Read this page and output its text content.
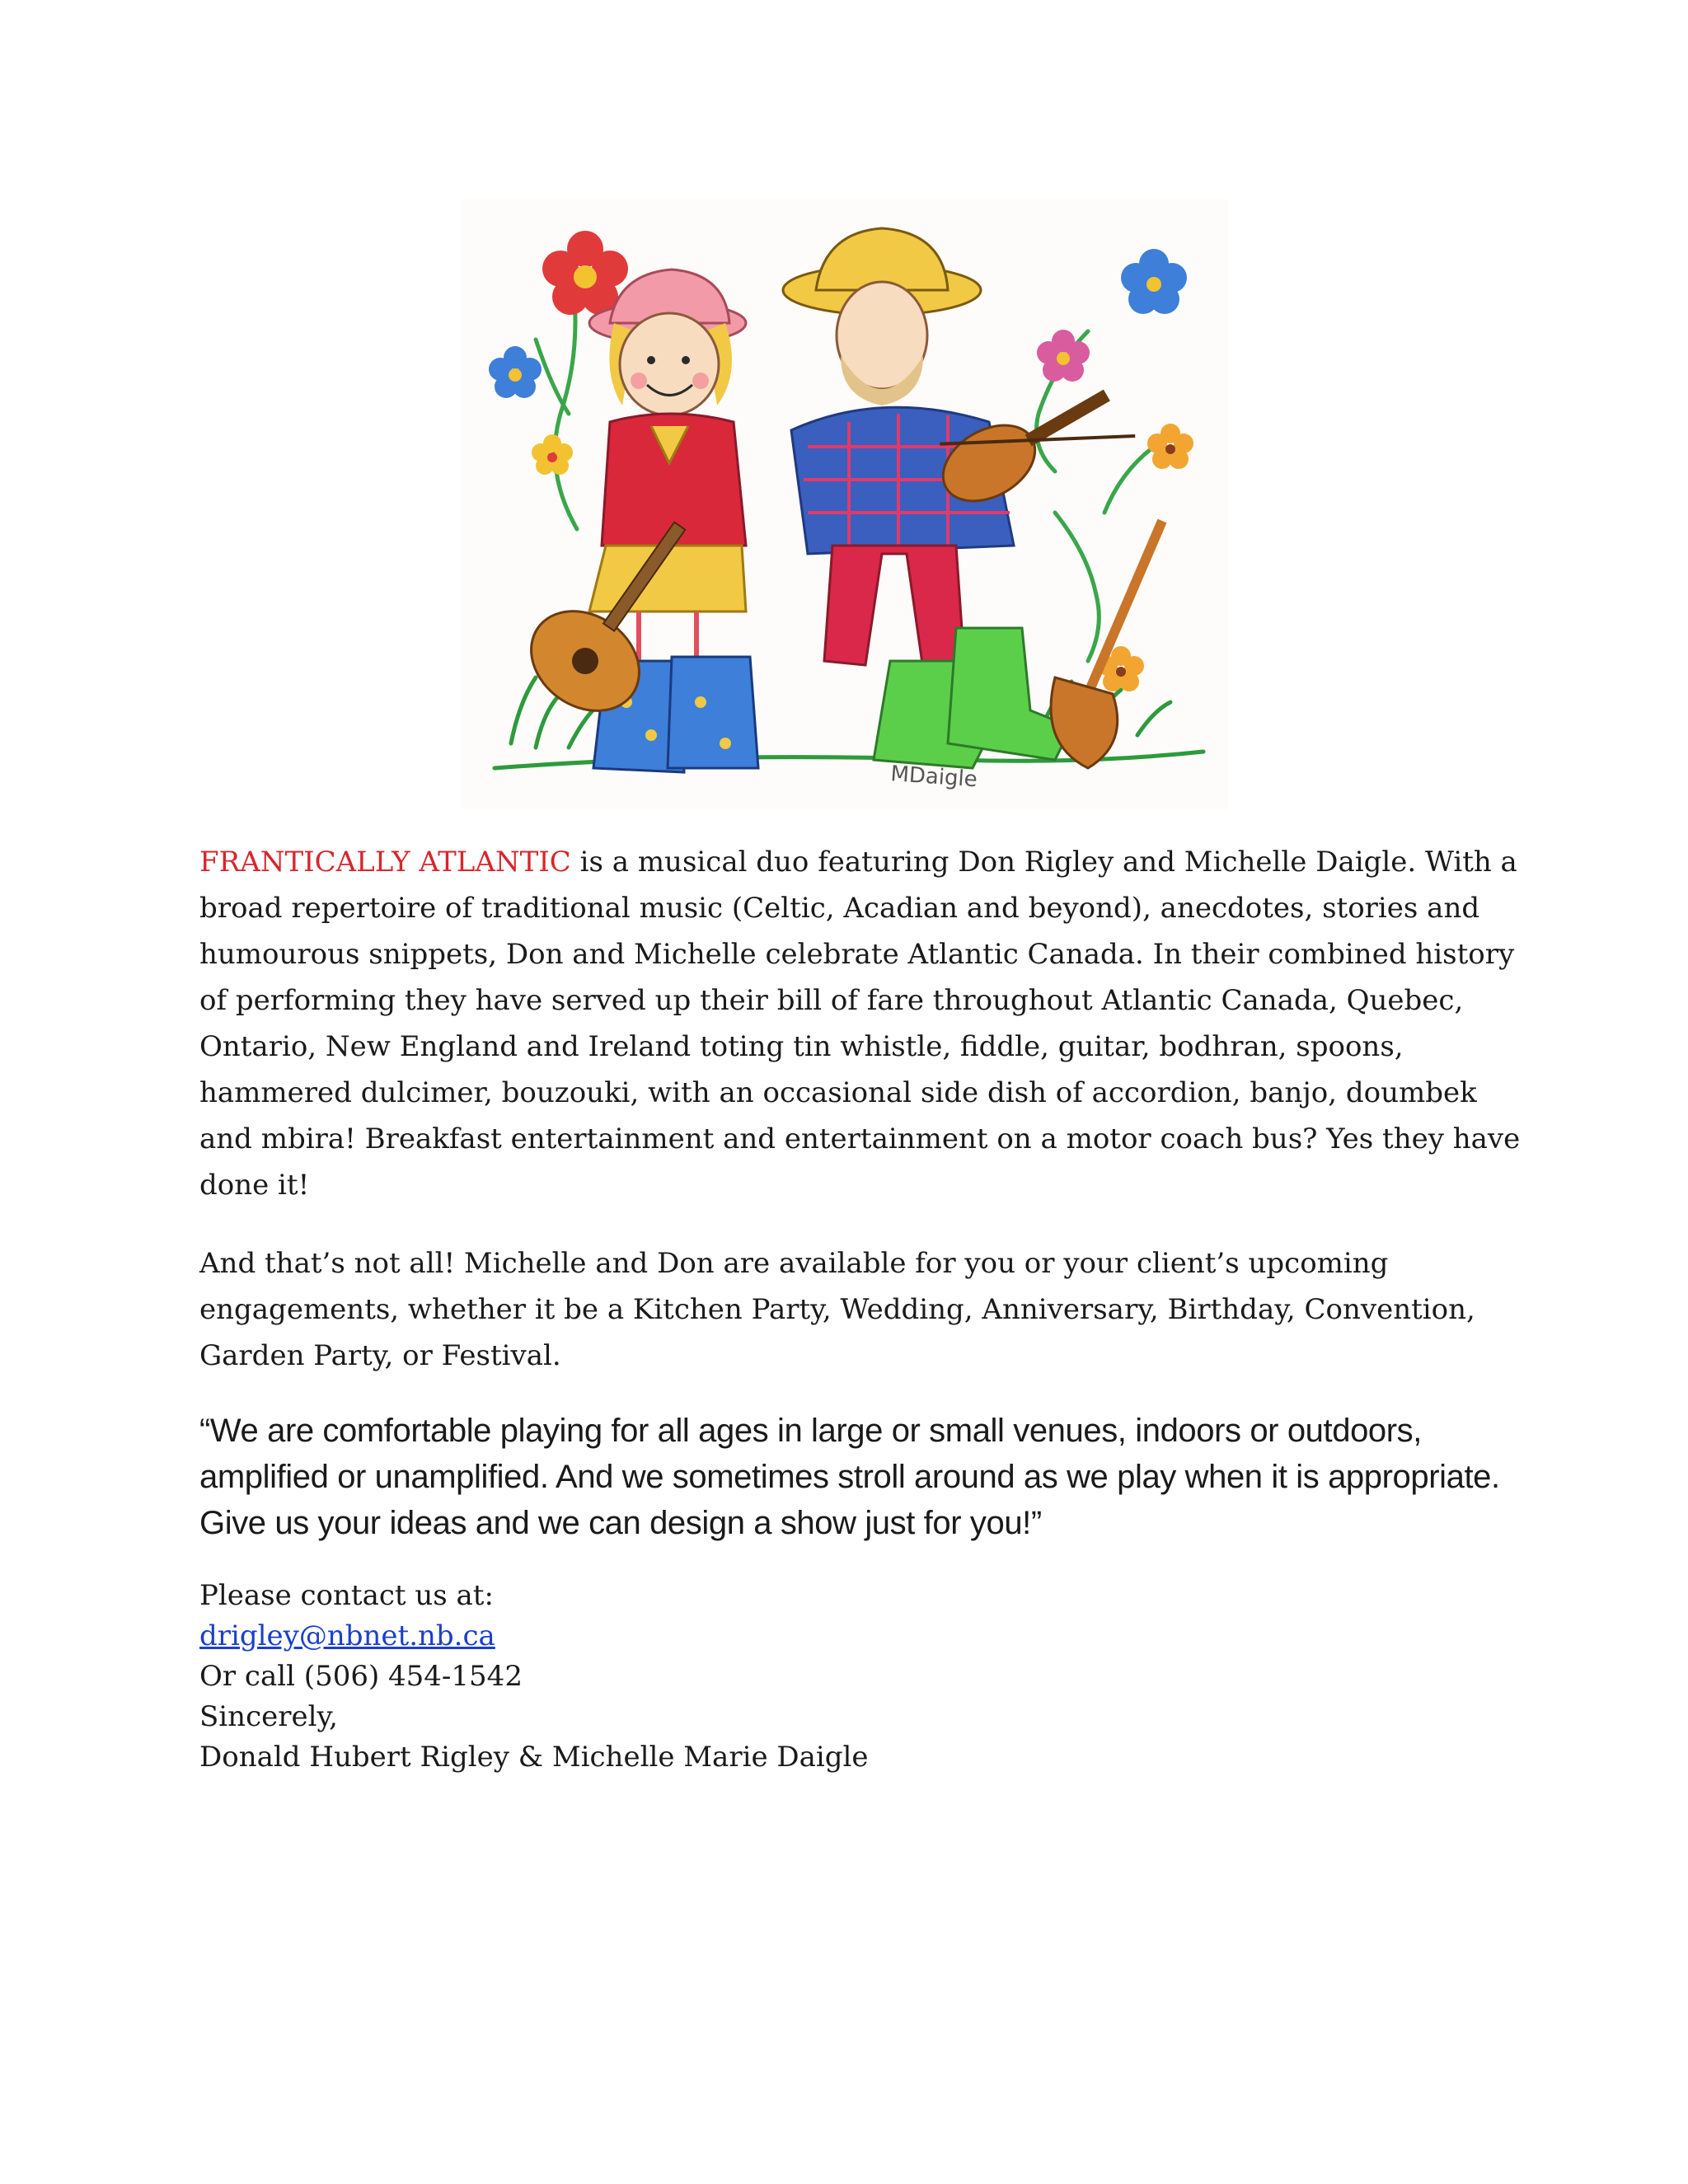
MDaigle

FRANTICALLY ATLANTIC is a musical duo featuring Don Rigley and Michelle Daigle. With a broad repertoire of traditional music (Celtic, Acadian and beyond), anecdotes, stories and humourous snippets, Don and Michelle celebrate Atlantic Canada. In their combined history of performing they have served up their bill of fare throughout Atlantic Canada, Quebec, Ontario, New England and Ireland toting tin whistle, fiddle, guitar, bodhran, spoons, hammered dulcimer, bouzouki, with an occasional side dish of accordion, banjo, doumbek and mbira! Breakfast entertainment and entertainment on a motor coach bus? Yes they have done it!

And that’s not all! Michelle and Don are available for you or your client’s upcoming engagements, whether it be a Kitchen Party, Wedding, Anniversary, Birthday, Convention, Garden Party, or Festival.

“We are comfortable playing for all ages in large or small venues, indoors or outdoors, amplified or unamplified. And we sometimes stroll around as we play when it is appropriate. Give us your ideas and we can design a show just for you!”

Please contact us at:
drigley@nbnet.nb.ca
Or call (506) 454-1542
Sincerely,
Donald Hubert Rigley & Michelle Marie Daigle
